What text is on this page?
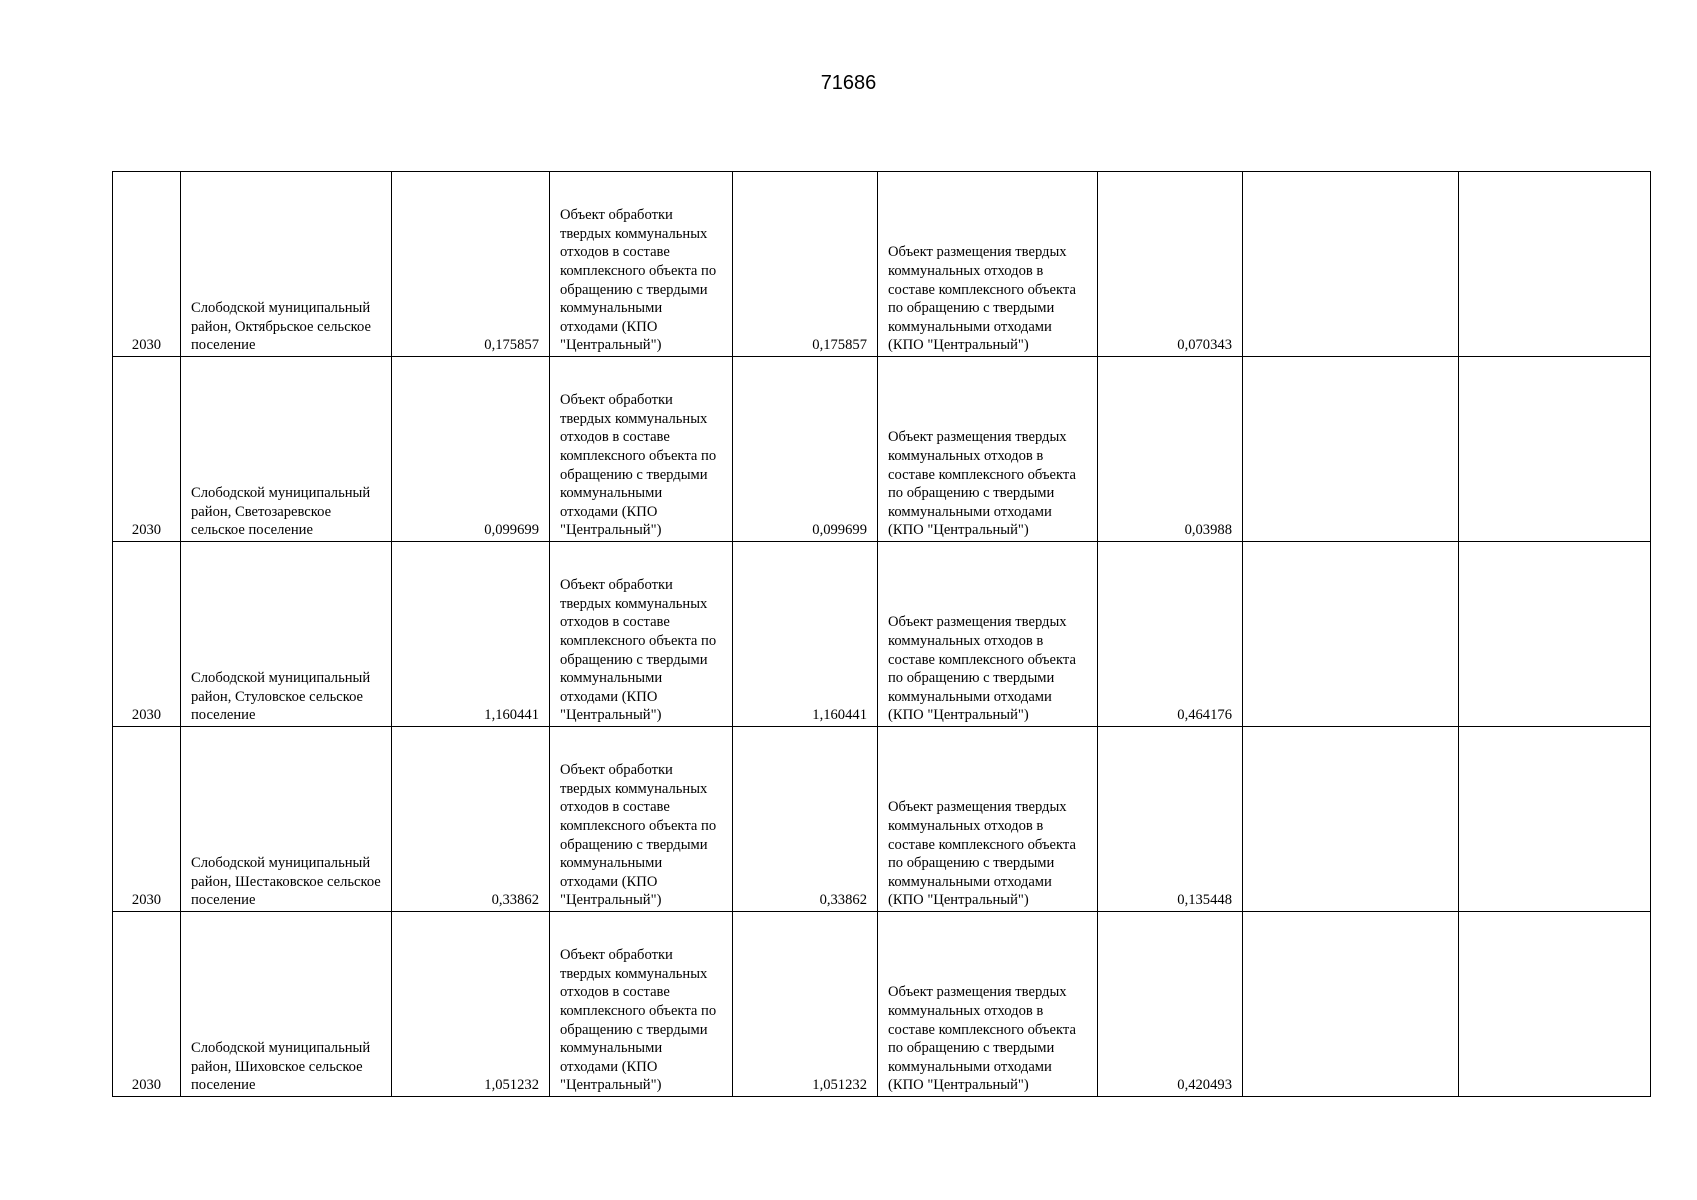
71686
2030	Слободской муниципальный район, Октябрьское сельское поселение	0,175857	Объект обработки твердых коммунальных отходов в составе комплексного объекта по обращению с твердыми коммунальными отходами (КПО "Центральный")	0,175857	Объект размещения твердых коммунальных отходов в составе комплексного объекта по обращению с твердыми коммунальными отходами (КПО "Центральный")	0,070343		
2030	Слободской муниципальный район, Светозаревское сельское поселение	0,099699	Объект обработки твердых коммунальных отходов в составе комплексного объекта по обращению с твердыми коммунальными отходами (КПО "Центральный")	0,099699	Объект размещения твердых коммунальных отходов в составе комплексного объекта по обращению с твердыми коммунальными отходами (КПО "Центральный")	0,03988		
2030	Слободской муниципальный район, Стуловское сельское поселение	1,160441	Объект обработки твердых коммунальных отходов в составе комплексного объекта по обращению с твердыми коммунальными отходами (КПО "Центральный")	1,160441	Объект размещения твердых коммунальных отходов в составе комплексного объекта по обращению с твердыми коммунальными отходами (КПО "Центральный")	0,464176		
2030	Слободской муниципальный район, Шестаковское сельское поселение	0,33862	Объект обработки твердых коммунальных отходов в составе комплексного объекта по обращению с твердыми коммунальными отходами (КПО "Центральный")	0,33862	Объект размещения твердых коммунальных отходов в составе комплексного объекта по обращению с твердыми коммунальными отходами (КПО "Центральный")	0,135448		
2030	Слободской муниципальный район, Шиховское сельское поселение	1,051232	Объект обработки твердых коммунальных отходов в составе комплексного объекта по обращению с твердыми коммунальными отходами (КПО "Центральный")	1,051232	Объект размещения твердых коммунальных отходов в составе комплексного объекта по обращению с твердыми коммунальными отходами (КПО "Центральный")	0,420493		
